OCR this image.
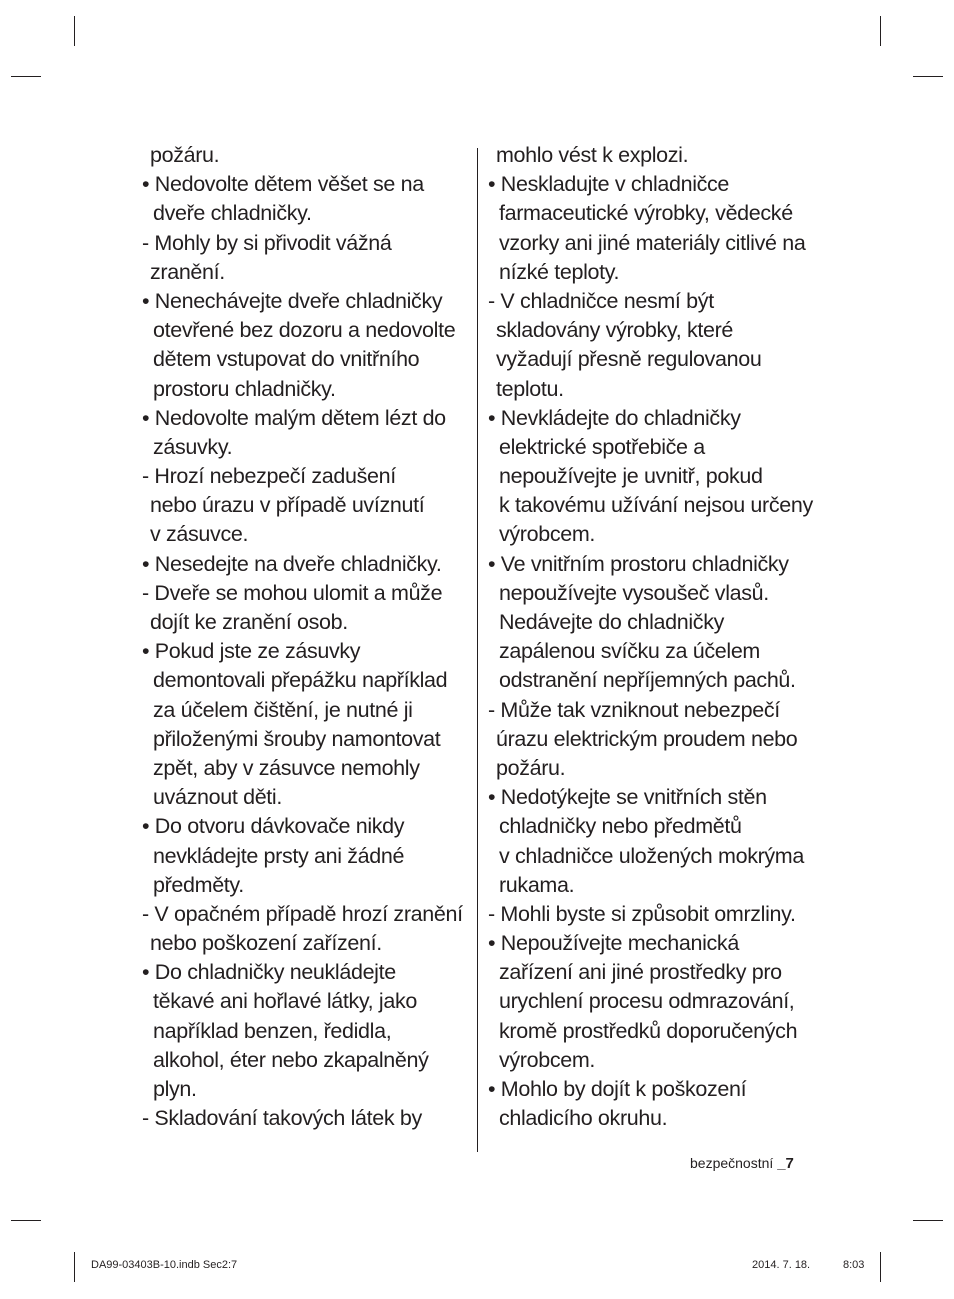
požáru.
• Nedovolte dětem věšet se na
dveře chladničky.
- Mohly by si přivodit vážná
zranění.
• Nenechávejte dveře chladničky
otevřené bez dozoru a nedovolte
dětem vstupovat do vnitřního
prostoru chladničky.
• Nedovolte malým dětem lézt do
zásuvky.
- Hrozí nebezpečí zadušení
nebo úrazu v případě uvíznutí
v zásuvce.
• Nesedejte na dveře chladničky.
- Dveře se mohou ulomit a může
dojít ke zranění osob.
• Pokud jste ze zásuvky
demontovali přepážku například
za účelem čištění, je nutné ji
přiloženými šrouby namontovat
zpět, aby v zásuvce nemohly
uváznout děti.
• Do otvoru dávkovače nikdy
nevkládejte prsty ani žádné
předměty.
- V opačném případě hrozí zranění
nebo poškození zařízení.
• Do chladničky neukládejte
těkavé ani hořlavé látky, jako
například benzen, ředidla,
alkohol, éter nebo zkapalněný
plyn.
- Skladování takových látek by
mohlo vést k explozi.
• Neskladujte v chladničce
farmaceutické výrobky, vědecké
vzorky ani jiné materiály citlivé na
nízké teploty.
- V chladničce nesmí být
skladovány výrobky, které
vyžadují přesně regulovanou
teplotu.
• Nevkládejte do chladničky
elektrické spotřebiče a
nepoužívejte je uvnitř, pokud
k takovému užívání nejsou určeny
výrobcem.
• Ve vnitřním prostoru chladničky
nepoužívejte vysoušeč vlasů.
Nedávejte do chladničky
zapálenou svíčku za účelem
odstranění nepříjemných pachů.
- Může tak vzniknout nebezpečí
úrazu elektrickým proudem nebo
požáru.
• Nedotýkejte se vnitřních stěn
chladničky nebo předmětů
v chladničce uložených mokrýma
rukama.
- Mohli byste si způsobit omrzliny.
• Nepoužívejte mechanická
zařízení ani jiné prostředky pro
urychlení procesu odmrazování,
kromě prostředků doporučených
výrobcem.
• Mohlo by dojít k poškození
chladicího okruhu.
bezpečnostní _7
DA99-03403B-10.indb Sec2:7	2014. 7. 18.	8:03
